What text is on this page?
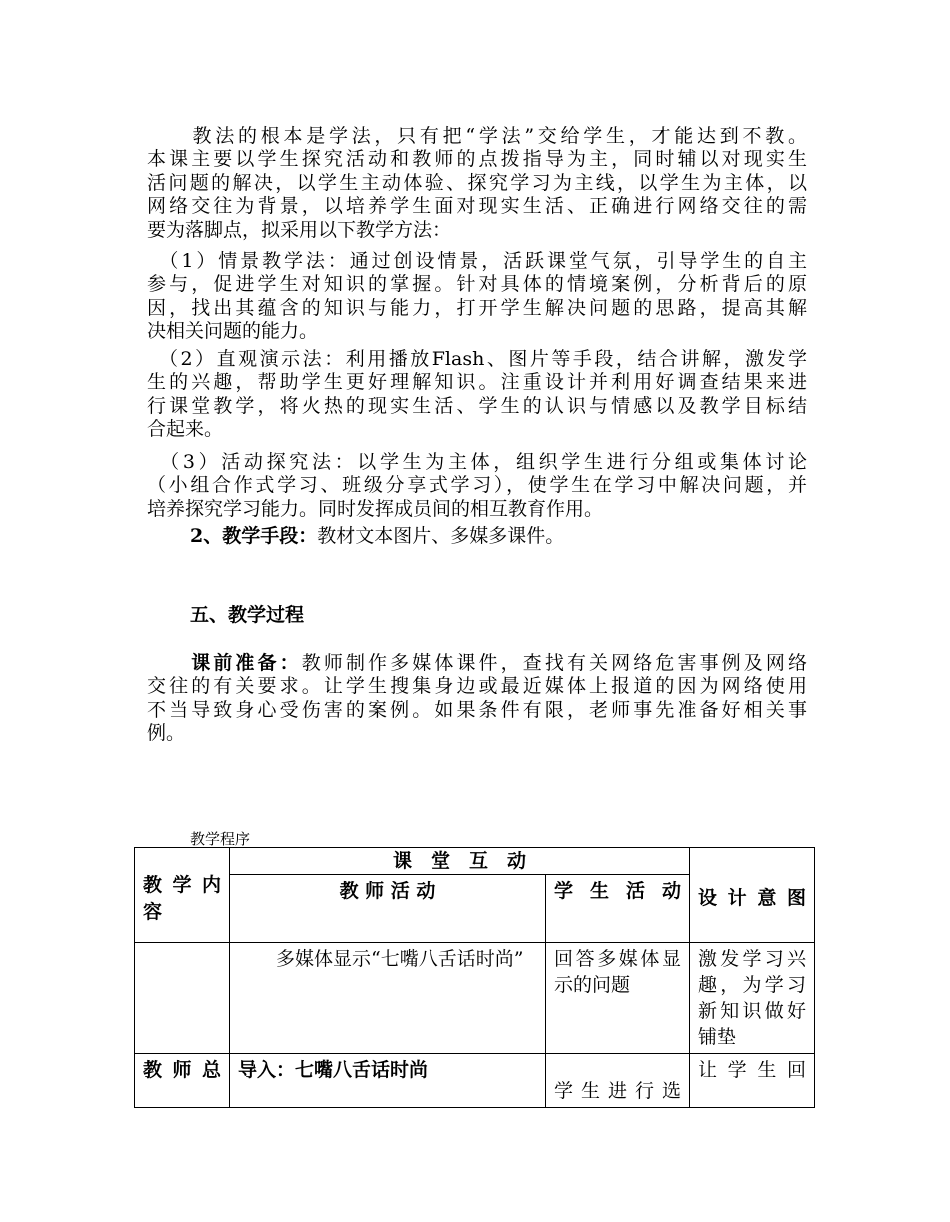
　　教法的根本是学法，只有把“学法”交给学生，才能达到不教。
本课主要以学生探究活动和教师的点拨指导为主，同时辅以对现实生
活问题的解决，以学生主动体验、探究学习为主线，以学生为主体，以
网络交往为背景，以培养学生面对现实生活、正确进行网络交往的需
要为落脚点，拟采用以下教学方法：
　（1）情景教学法：通过创设情景，活跃课堂气氛，引导学生的自主
参与，促进学生对知识的掌握。针对具体的情境案例，分析背后的原
因，找出其蕴含的知识与能力，打开学生解决问题的思路，提高其解
决相关问题的能力。
　（2）直观演示法：利用播放Flash、图片等手段，结合讲解，激发学
生的兴趣，帮助学生更好理解知识。注重设计并利用好调查结果来进
行课堂教学，将火热的现实生活、学生的认识与情感以及教学目标结
合起来。
　（3）活动探究法：以学生为主体，组织学生进行分组或集体讨论
（小组合作式学习、班级分享式学习），使学生在学习中解决问题，并
培养探究学习能力。同时发挥成员间的相互教育作用。
2、教学手段：教材文本图片、多媒多课件。

五、教学过程

　　课前准备：教师制作多媒体课件，查找有关网络危害事例及网络
交往的有关要求。让学生搜集身边或最近媒体上报道的因为网络使用
不当导致身心受伤害的案例。如果条件有限，老师事先准备好相关事
例。

教学程序

教 学 内 容	课　堂　互　动		设 计 意 图
	教 师 活 动	学 生 活 动	
	　　多媒体显示“七嘴八舌话时尚”	回答多媒体显示的问题	激发学习兴趣，为学习新知识做好铺垫
教 师 总	导入：七嘴八舌话时尚	学生进行选	让 学 生 回
